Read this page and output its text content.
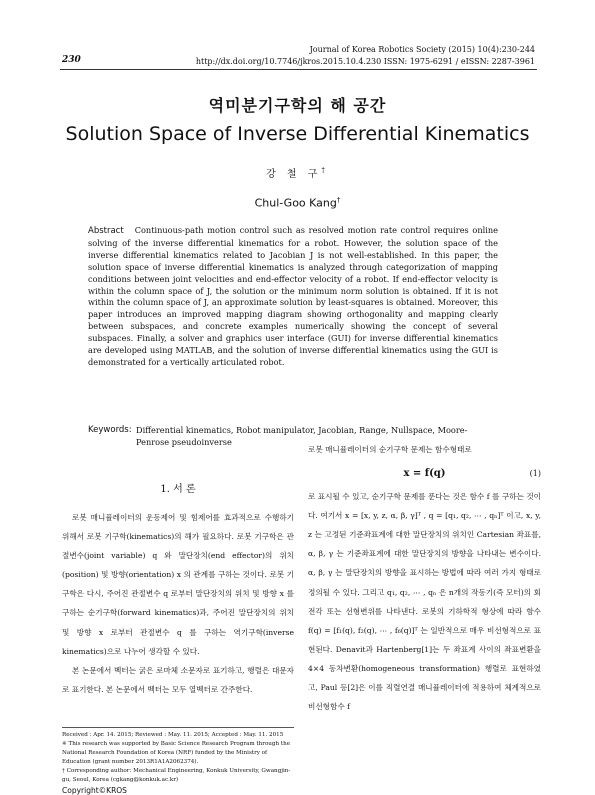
230
Journal of Korea Robotics Society (2015) 10(4):230-244
http://dx.doi.org/10.7746/jkros.2015.10.4.230 ISSN: 1975-6291 / eISSN: 2287-3961
역미분기구학의 해 공간
Solution Space of Inverse Differential Kinematics
강 철 구†
Chul-Goo Kang†
Abstract Continuous-path motion control such as resolved motion rate control requires online solving of the inverse differential kinematics for a robot. However, the solution space of the inverse differential kinematics related to Jacobian J is not well-established. In this paper, the solution space of inverse differential kinematics is analyzed through categorization of mapping conditions between joint velocities and end-effector velocity of a robot. If end-effector velocity is within the column space of J, the solution or the minimum norm solution is obtained. If it is not within the column space of J, an approximate solution by least-squares is obtained. Moreover, this paper introduces an improved mapping diagram showing orthogonality and mapping clearly between subspaces, and concrete examples numerically showing the concept of several subspaces. Finally, a solver and graphics user interface (GUI) for inverse differential kinematics are developed using MATLAB, and the solution of inverse differential kinematics using the GUI is demonstrated for a vertically articulated robot.
Keywords: Differential kinematics, Robot manipulator, Jacobian, Range, Nullspace, Moore-Penrose pseudoinverse
1. 서 론

로봇 매니퓰레이터의 운동제어 및 힘제어를 효과적으로 수행하기 위해서 로봇 기구학(kinematics)의 해가 필요하다. 로봇 기구학은 관절변수(joint variable) q 와 말단장치(end effector)의 위치(position) 및 방향(orientation) x 의 관계를 구하는 것이다. 로봇 기구학은 다시, 주어진 관절변수 q 로부터 말단장치의 위치 및 방향 x 를 구하는 순기구학(forward kinematics)과, 주어진 말단장치의 위치 및 방향 x 로부터 관절변수 q 를 구하는 역기구학(inverse kinematics)으로 나누어 생각할 수 있다.

본 논문에서 벡터는 굵은 로마체 소문자로 표기하고, 행렬은 대문자로 표기한다. 본 논문에서 벡터는 모두 열벡터로 간주한다.

로봇 매니퓰레이터의 순기구학 문제는 함수형태로

x = f(q)	(1)

로 표시될 수 있고, 순기구학 문제를 푼다는 것은 함수 f 를 구하는 것이다. 여기서 x = [x, y, z, α, β, γ]ᵀ , q = [q₁, q₂, ⋯ , qₙ]ᵀ 이고, x, y, z 는 고정된 기준좌표계에 대한 말단장치의 위치인 Cartesian 좌표를, α, β, γ 는 기준좌표계에 대한 말단장치의 방향을 나타내는 변수이다. α, β, γ 는 말단장치의 방향을 표시하는 방법에 따라 여러 가지 형태로 정의될 수 있다. 그리고 q₁, q₂, ⋯ , qₙ 은 n개의 작동기(즉 모터)의 회전각 또는 선형변위를 나타낸다. 로봇의 기하학적 형상에 따라 함수 f(q) = [f₁(q), f₂(q), ⋯ , f₆(q)]ᵀ 는 일반적으로 매우 비선형적으로 표현된다. Denavit과 Hartenberg[1]는 두 좌표계 사이의 좌표변환을 4×4 동차변환(homogeneous transformation) 행렬로 표현하였고, Paul 등[2]은 이를 직렬연결 매니퓰레이터에 적용하여 체계적으로 비선형함수 f

Received : Apr. 14. 2015; Reviewed : May. 11. 2015; Accepted : May. 11. 2015
※ This research was supported by Basic Science Research Program through the National Research Foundation of Korea (NRF) funded by the Ministry of Education (grant number 2013R1A1A2062374).
† Corresponding author: Mechanical Engineering, Konkuk University, Gwangjin-gu, Seoul, Korea (cgkang@konkuk.ac.kr)
Copyright©KROS
